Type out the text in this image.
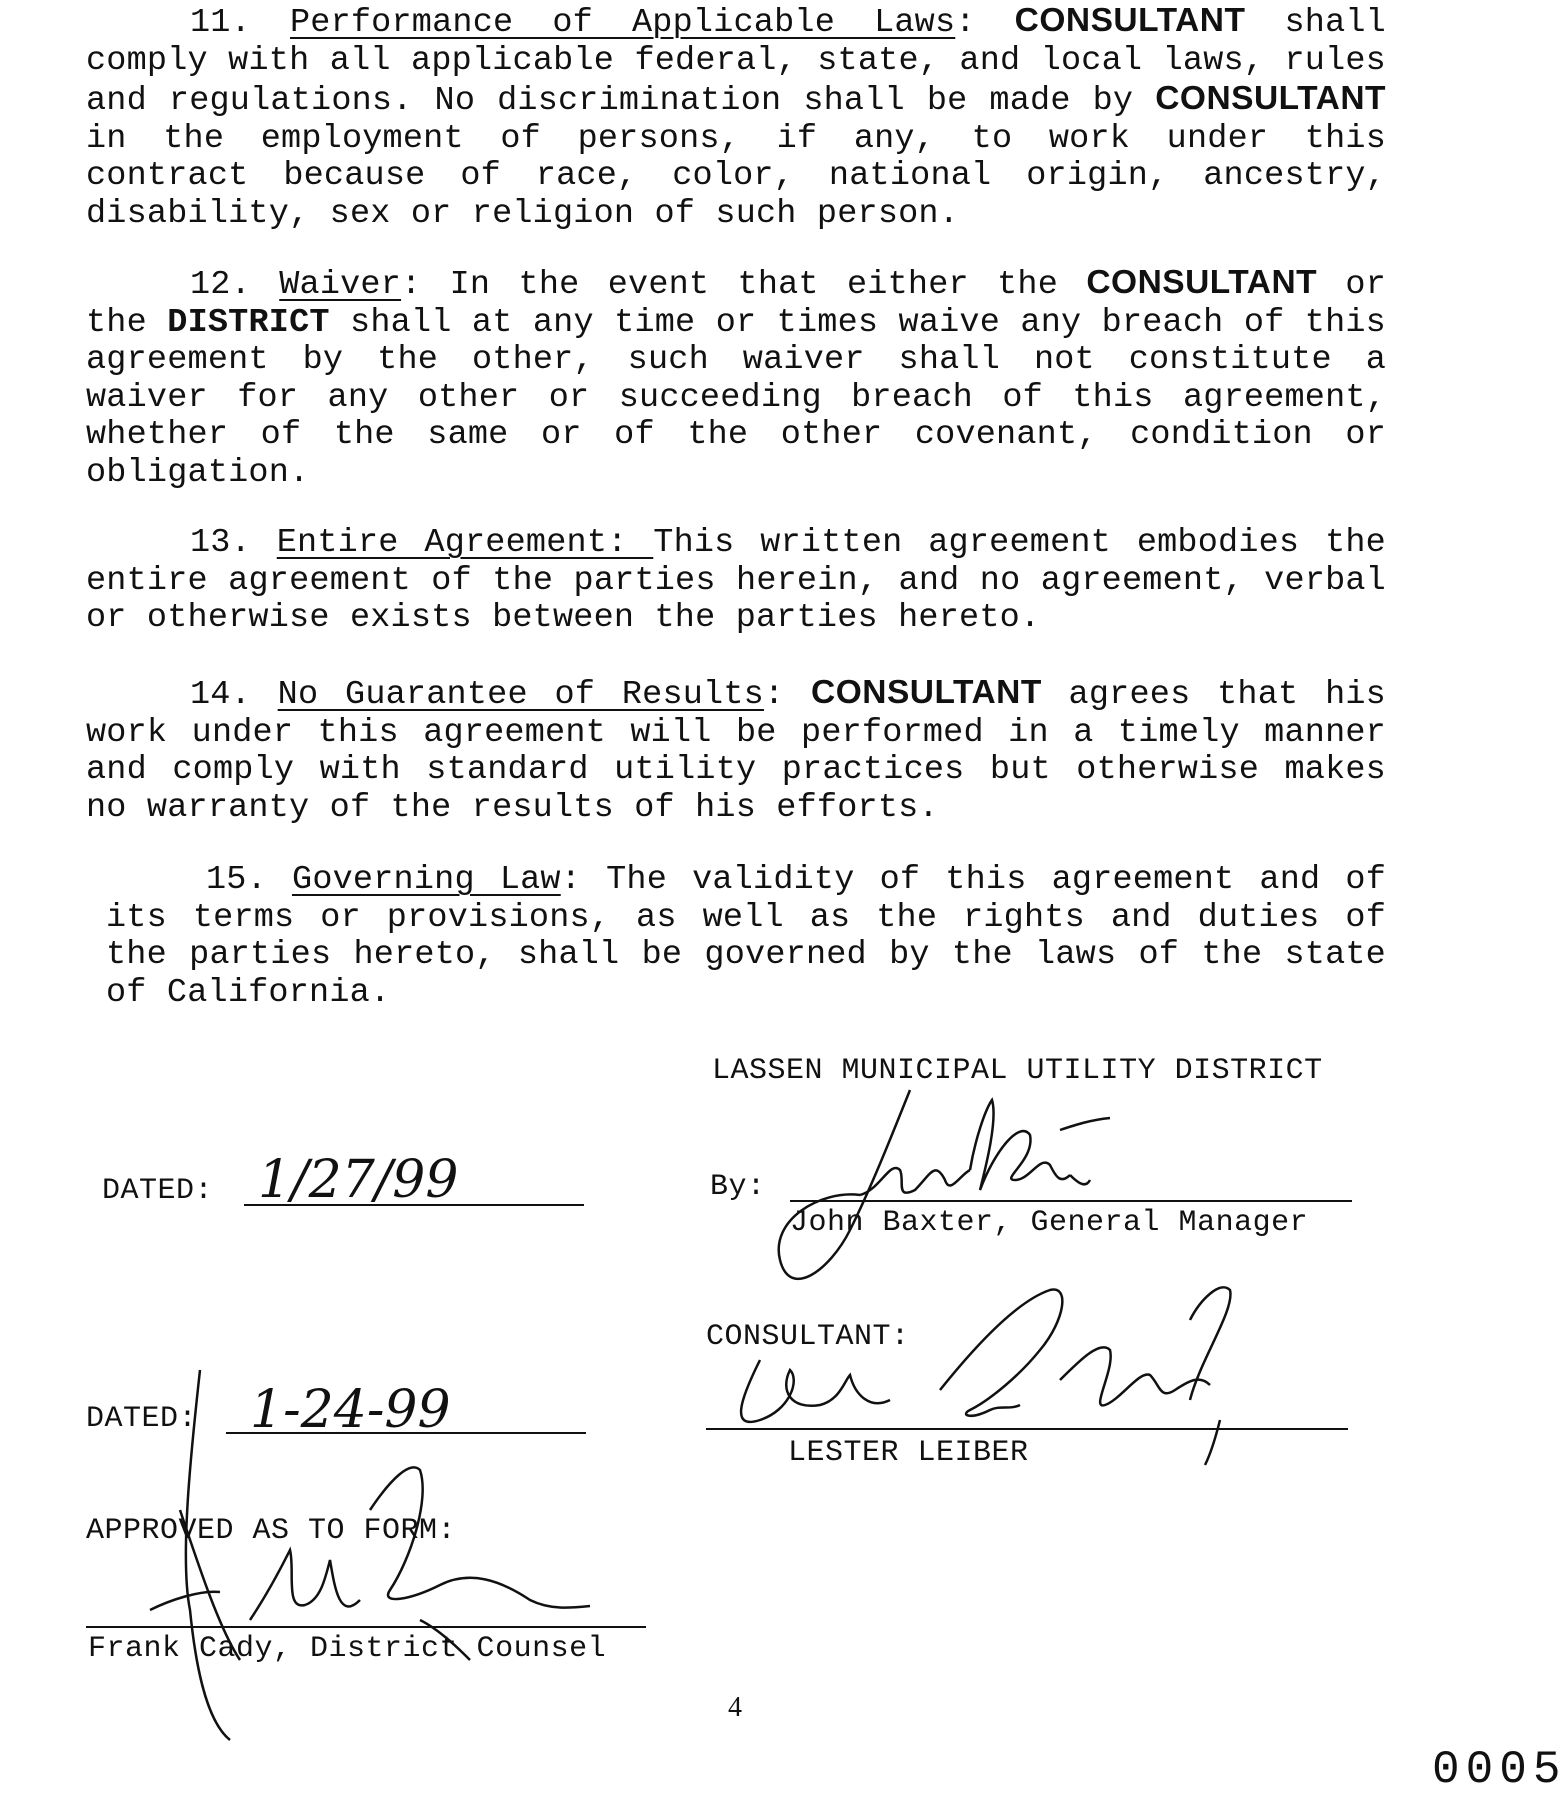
11. Performance of Applicable Laws: CONSULTANT shall comply with all applicable federal, state, and local laws, rules and regulations. No discrimination shall be made by CONSULTANT in the employment of persons, if any, to work under this contract because of race, color, national origin, ancestry, disability, sex or religion of such person.

12. Waiver: In the event that either the CONSULTANT or the DISTRICT shall at any time or times waive any breach of this agreement by the other, such waiver shall not constitute a waiver for any other or succeeding breach of this agreement, whether of the same or of the other covenant, condition or obligation.

13. Entire Agreement: This written agreement embodies the entire agreement of the parties herein, and no agreement, verbal or otherwise exists between the parties hereto.

14. No Guarantee of Results: CONSULTANT agrees that his work under this agreement will be performed in a timely manner and comply with standard utility practices but otherwise makes no warranty of the results of his efforts.

15. Governing Law: The validity of this agreement and of its terms or provisions, as well as the rights and duties of the parties hereto, shall be governed by the laws of the state of California.

LASSEN MUNICIPAL UTILITY DISTRICT
By:
John Baxter, General Manager
CONSULTANT:
LESTER LEIBER
DATED: 1/27/99
DATED: 1-24-99
APPROVED AS TO FORM:
Frank Cady, District Counsel
4
0005
